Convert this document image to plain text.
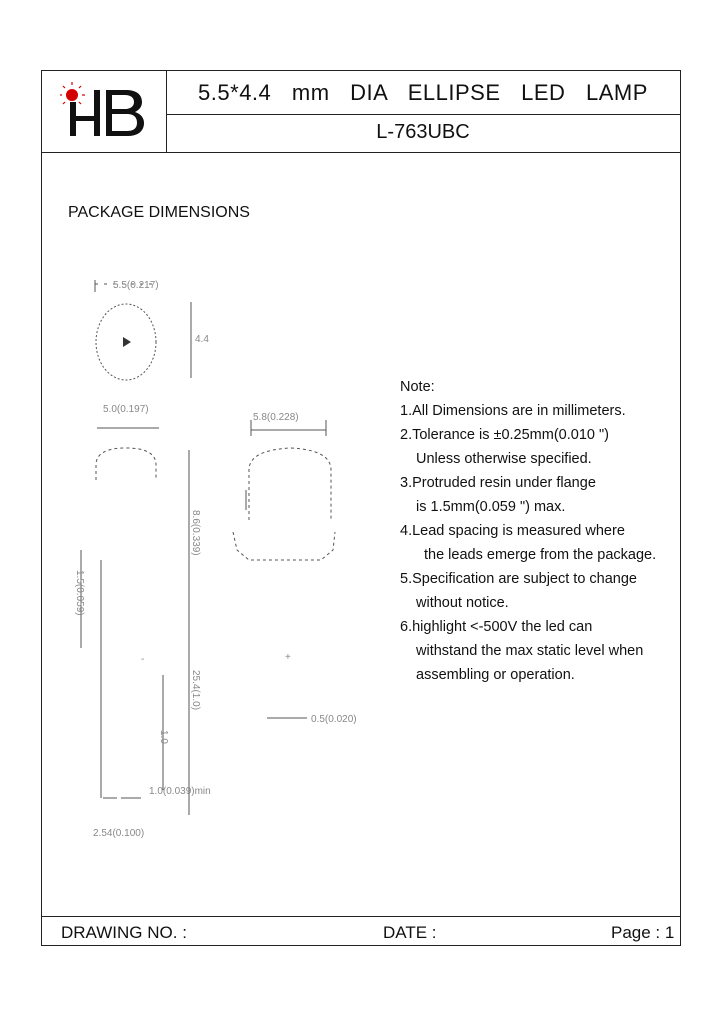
5.5*4.4 mm DIA ELLIPSE LED LAMP
L-763UBC
PACKAGE DIMENSIONS
5.5(0.217)
4.4
5.0(0.197)
8.6(0.339)
25.4(1.0)
1.5(0.059)
1.0
1.0(0.039)min
2.54(0.100)
-
5.8(0.228)
0.5(0.020)
+
Note:
1.All Dimensions are in millimeters.
2.Tolerance is ±0.25mm(0.010 ")
Unless otherwise specified.
3.Protruded resin under flange
is 1.5mm(0.059 ") max.
4.Lead spacing is measured where
the leads emerge from the package.
5.Specification are subject to change
without notice.
6.highlight <-500V the led can
withstand the max static level when
assembling or operation.
DRAWING NO. :	DATE :	Page : 1
